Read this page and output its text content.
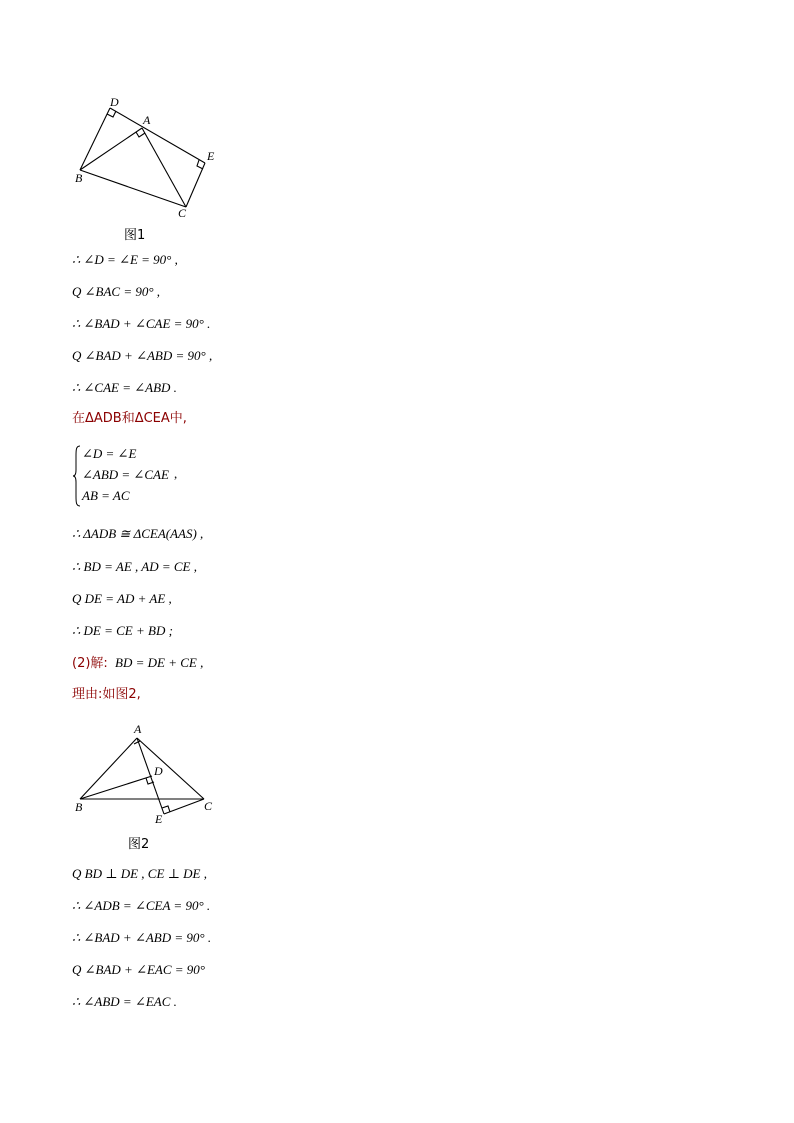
D
A
E
B
C
图1
∴ ∠D = ∠E = 90° ,
Q ∠BAC = 90° ,
∴ ∠BAD + ∠CAE = 90° .
Q ∠BAD + ∠ABD = 90° ,
∴ ∠CAE = ∠ABD .
在ΔADB和ΔCEA中,
∠D = ∠E
∠ABD = ∠CAE
AB = AC
,
∴ ΔADB ≅ ΔCEA(AAS) ,
∴ BD = AE , AD = CE ,
Q DE = AD + AE ,
∴ DE = CE + BD ;
(2)解: BD = DE + CE ,
理由:如图2,
A
D
B	C
E
图2
Q BD ⊥ DE , CE ⊥ DE ,
∴ ∠ADB = ∠CEA = 90° .
∴ ∠BAD + ∠ABD = 90° .
Q ∠BAD + ∠EAC = 90°
∴ ∠ABD = ∠EAC .
